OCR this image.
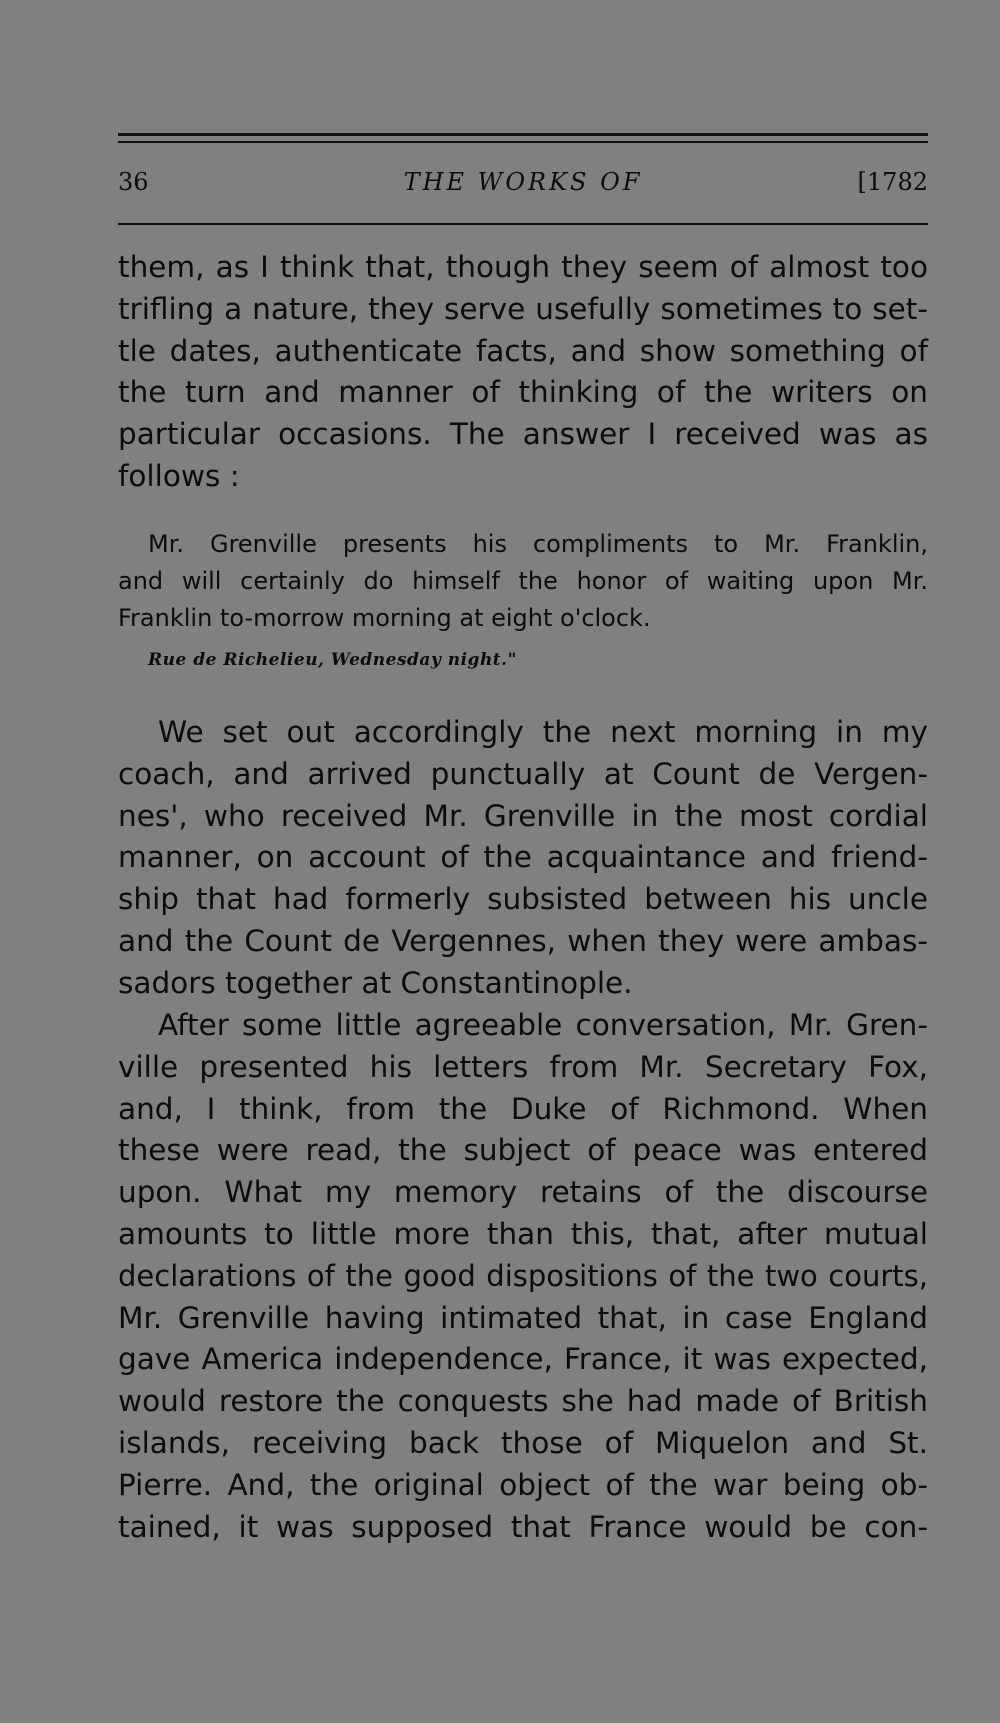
36	THE WORKS OF	[1782
them, as I think that, though they seem of almost too
trifling a nature, they serve usefully sometimes to set-
tle dates, authenticate facts, and show something of
the turn and manner of thinking of the writers on
particular occasions. The answer I received was as
follows :
Mr. Grenville presents his compliments to Mr. Franklin,
and will certainly do himself the honor of waiting upon Mr.
Franklin to-morrow morning at eight o'clock.
Rue de Richelieu, Wednesday night."
We set out accordingly the next morning in my
coach, and arrived punctually at Count de Vergen-
nes', who received Mr. Grenville in the most cordial
manner, on account of the acquaintance and friend-
ship that had formerly subsisted between his uncle
and the Count de Vergennes, when they were ambas-
sadors together at Constantinople.
After some little agreeable conversation, Mr. Gren-
ville presented his letters from Mr. Secretary Fox,
and, I think, from the Duke of Richmond. When
these were read, the subject of peace was entered
upon. What my memory retains of the discourse
amounts to little more than this, that, after mutual
declarations of the good dispositions of the two courts,
Mr. Grenville having intimated that, in case England
gave America independence, France, it was expected,
would restore the conquests she had made of British
islands, receiving back those of Miquelon and St.
Pierre. And, the original object of the war being ob-
tained, it was supposed that France would be con-
